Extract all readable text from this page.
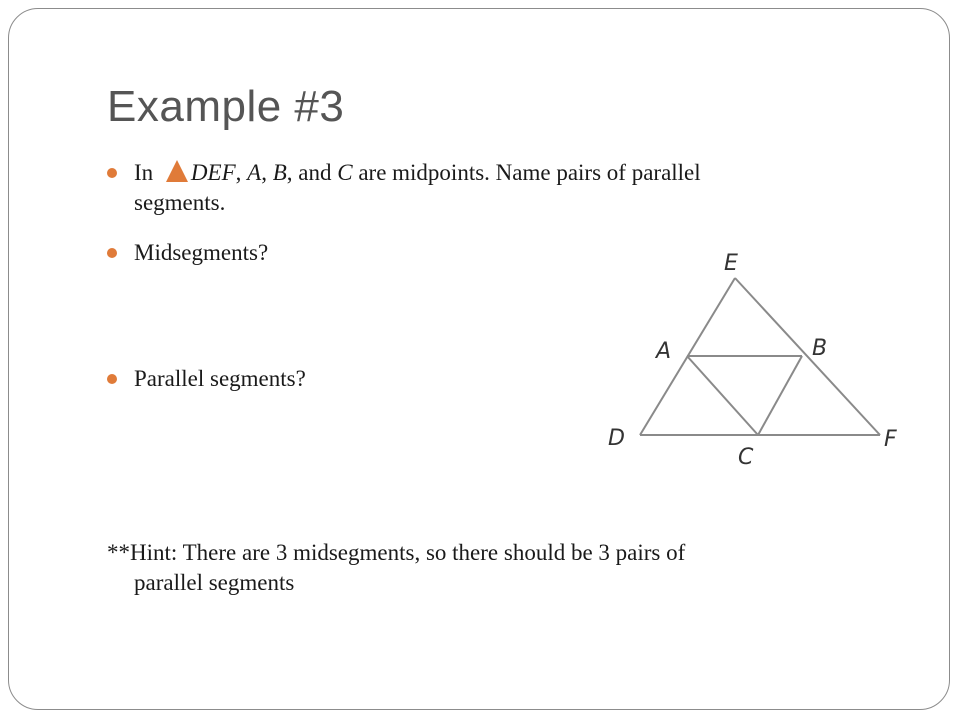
Example #3
In DEF, A, B, and C are midpoints. Name pairs of parallel
segments.
Midsegments?
Parallel segments?
E
A	B
D
C
F
**Hint: There are 3 midsegments, so there should be 3 pairs of
parallel segments
